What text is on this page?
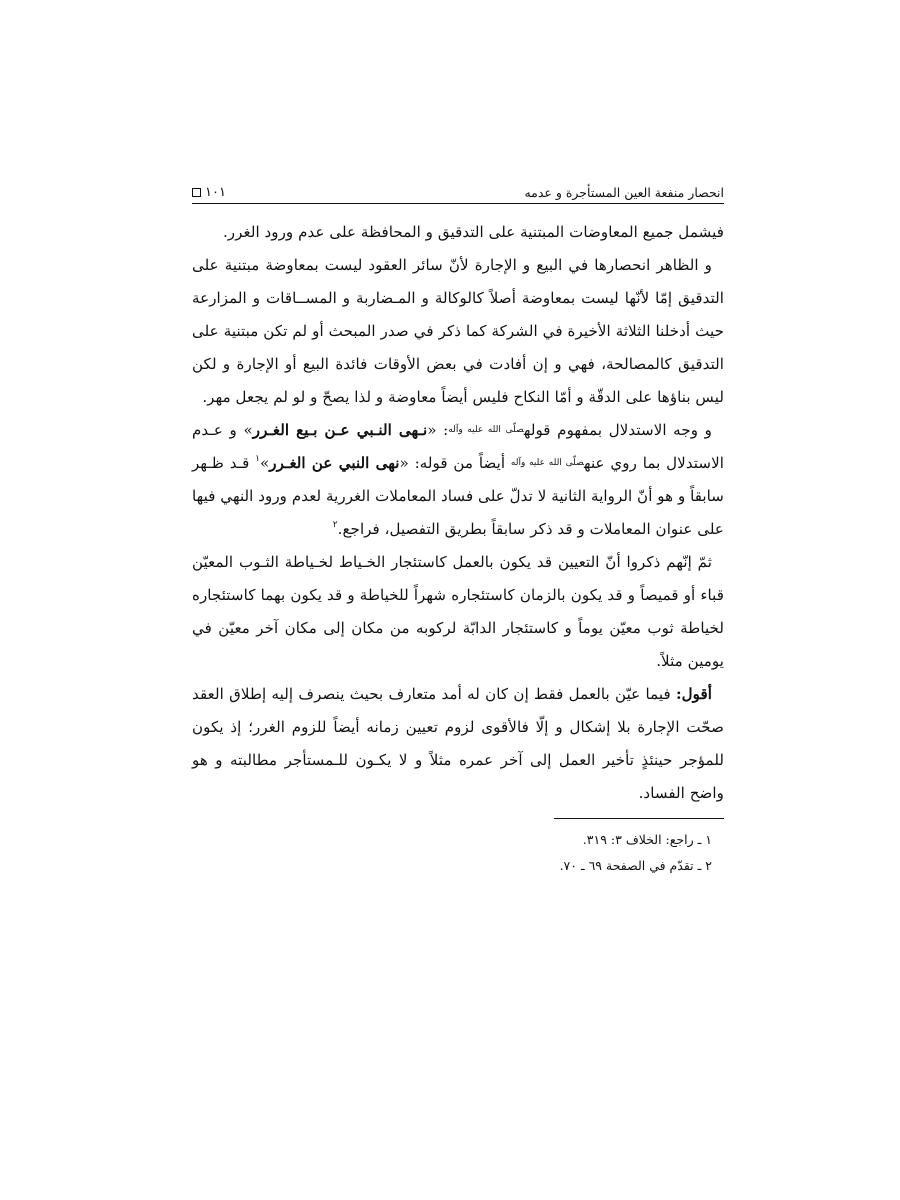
انحصار منفعة العين المستأجرة و عدمه
١٠١

فيشمل جميع المعاوضات المبتنية على التدقيق و المحافظة على عدم ورود الغرر.

و الظاهر انحصارها في البيع و الإجارة لأنّ سائر العقود ليست بمعاوضة مبتنية على التدقيق إمّا لأنّها ليست بمعاوضة أصلاً كالوكالة و المـضاربة و المســاقات و المزارعة حيث أدخلنا الثلاثة الأخيرة في الشركة كما ذكر في صدر المبحث أو لم تكن مبتنية على التدقيق كالمصالحة، فهي و إن أفادت في بعض الأوقات فائدة البيع أو الإجارة و لكن ليس بناؤها على الدقّة و أمّا النكاح فليس أيضاً معاوضة و لذا يصحّ و لو لم يجعل مهر.

و وجه الاستدلال بمفهوم قولهصلّى الله عليه وآله: «نـهى النـبي عـن بـيع الغـرر» و عـدم الاستدلال بما روي عنهصلّى الله عليه وآله أيضاً من قوله: «نهى النبي عن الغـرر»$^١$ قـد ظـهر سابقاً و هو أنّ الرواية الثانية لا تدلّ على فساد المعاملات الغررية لعدم ورود النهي فيها على عنوان المعاملات و قد ذكر سابقاً بطريق التفصيل، فراجع.$^٢$

ثمّ إنّهم ذكروا أنّ التعيين قد يكون بالعمل كاستئجار الخـياط لخـياطة الثـوب المعيّن قباء أو قميصاً و قد يكون بالزمان كاستئجاره شهراً للخياطة و قد يكون بهما كاستئجاره لخياطة ثوب معيّن يوماً و كاستئجار الدابّة لركوبه من مكان إلى مكان آخر معيّن في يومين مثلاً.

أقول: فيما عيّن بالعمل فقط إن كان له أمد متعارف بحيث ينصرف إليه إطلاق العقد صحّت الإجارة بلا إشكال و إلّا فالأقوى لزوم تعيين زمانه أيضاً للزوم الغرر؛ إذ يكون للمؤجر حينئذٍ تأخير العمل إلى آخر عمره مثلاً و لا يكـون للـمستأجر مطالبته و هو واضح الفساد.

١ ـ راجع: الخلاف ٣: ٣١٩.

٢ ـ تقدّم في الصفحة ٦٩ ـ ٧٠.
